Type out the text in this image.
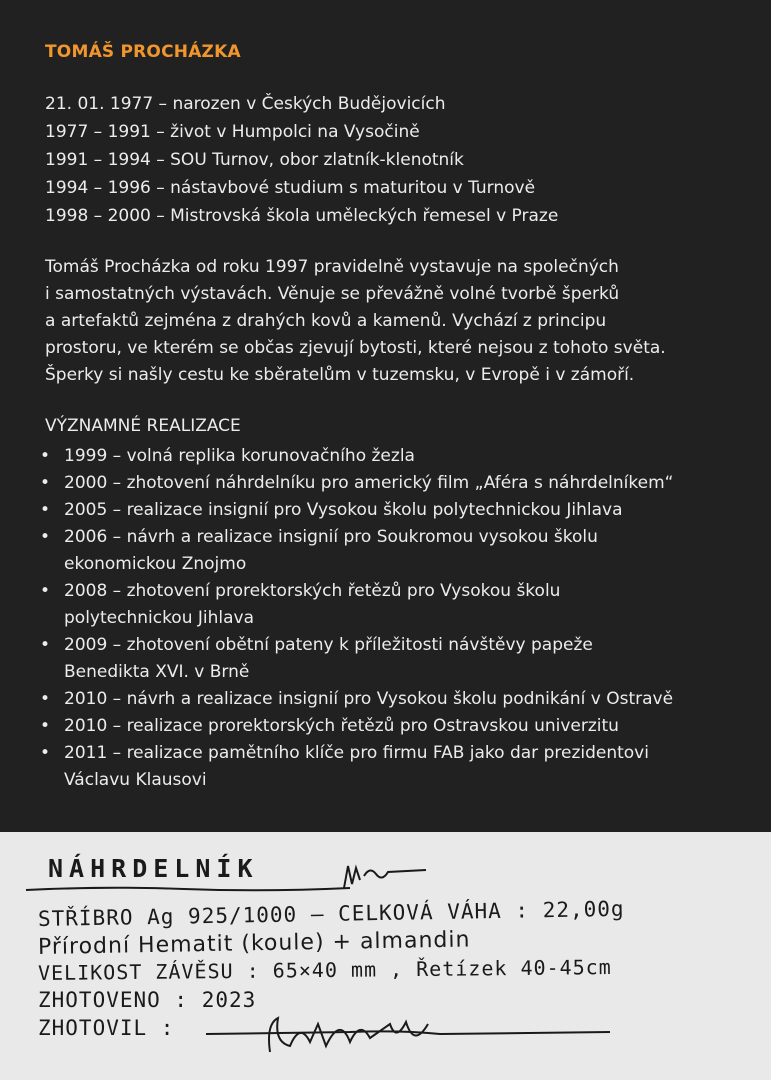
TOMÁŠ PROCHÁZKA
21. 01. 1977 – narozen v Českých Budějovicích
1977 – 1991 – život v Humpolci na Vysočině
1991 – 1994 – SOU Turnov, obor zlatník-klenotník
1994 – 1996 – nástavbové studium s maturitou v Turnově
1998 – 2000 – Mistrovská škola uměleckých řemesel v Praze
Tomáš Procházka od roku 1997 pravidelně vystavuje na společných
i samostatných výstavách. Věnuje se převážně volné tvorbě šperků
a artefaktů zejména z drahých kovů a kamenů. Vychází z principu
prostoru, ve kterém se občas zjevují bytosti, které nejsou z tohoto světa.
Šperky si našly cestu ke sběratelům v tuzemsku, v Evropě i v zámoří.
VÝZNAMNÉ REALIZACE
• 1999 – volná replika korunovačního žezla
• 2000 – zhotovení náhrdelníku pro americký film „Aféra s náhrdelníkem“
• 2005 – realizace insignií pro Vysokou školu polytechnickou Jihlava
• 2006 – návrh a realizace insignií pro Soukromou vysokou školu
ekonomickou Znojmo
• 2008 – zhotovení prorektorských řetězů pro Vysokou školu
polytechnickou Jihlava
• 2009 – zhotovení obětní pateny k příležitosti návštěvy papeže
Benedikta XVI. v Brně
• 2010 – návrh a realizace insignií pro Vysokou školu podnikání v Ostravě
• 2010 – realizace prorektorských řetězů pro Ostravskou univerzitu
• 2011 – realizace pamětního klíče pro firmu FAB jako dar prezidentovi
Václavu Klausovi
NÁHRDELNÍK
STŘÍBRO Ag 925/1000 – CELKOVÁ VÁHA : 22,00g
Přírodní Hematit (koule) + almandin
VELIKOST ZÁVĚSU : 65×40 mm , Řetízek 40-45cm
ZHOTOVENO : 2023
ZHOTOVIL :
